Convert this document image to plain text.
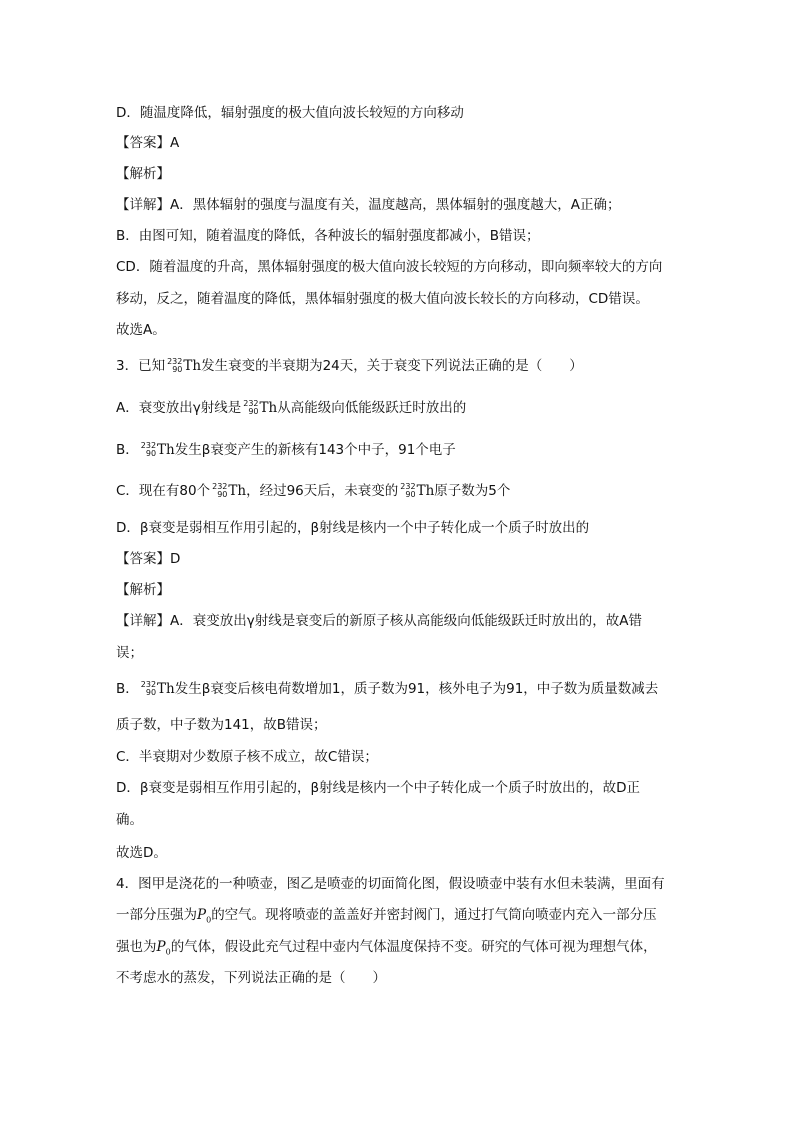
D．随温度降低，辐射强度的极大值向波长较短的方向移动
【答案】A
【解析】
【详解】A．黑体辐射的强度与温度有关，温度越高，黑体辐射的强度越大，A正确；
B．由图可知，随着温度的降低，各种波长的辐射强度都减小，B错误；
CD．随着温度的升高，黑体辐射强度的极大值向波长较短的方向移动，即向频率较大的方向
移动，反之，随着温度的降低，黑体辐射强度的极大值向波长较长的方向移动，CD错误。
故选A。
3．已知 232
90 Th发生衰变的半衰期为24天，关于衰变下列说法正确的是（　　）
A．衰变放出γ射线是 232
90 Th从高能级向低能级跃迁时放出的
B． 232
90 Th发生β衰变产生的新核有143个中子，91个电子
C．现在有80个 232
90 Th，经过96天后，未衰变的 232
90 Th原子数为5个
D．β衰变是弱相互作用引起的，β射线是核内一个中子转化成一个质子时放出的
【答案】D
【解析】
【详解】A．衰变放出γ射线是衰变后的新原子核从高能级向低能级跃迁时放出的，故A错
误；
B． 232
90 Th发生β衰变后核电荷数增加1，质子数为91，核外电子为91，中子数为质量数减去
质子数，中子数为141，故B错误；
C．半衰期对少数原子核不成立，故C错误；
D．β衰变是弱相互作用引起的，β射线是核内一个中子转化成一个质子时放出的，故D正
确。
故选D。
4．图甲是浇花的一种喷壶，图乙是喷壶的切面简化图，假设喷壶中装有水但未装满，里面有
一部分压强为$P_0$的空气。现将喷壶的盖盖好并密封阀门，通过打气筒向喷壶内充入一部分压
强也为$P_0$的气体，假设此充气过程中壶内气体温度保持不变。研究的气体可视为理想气体，
不考虑水的蒸发，下列说法正确的是（　　）
